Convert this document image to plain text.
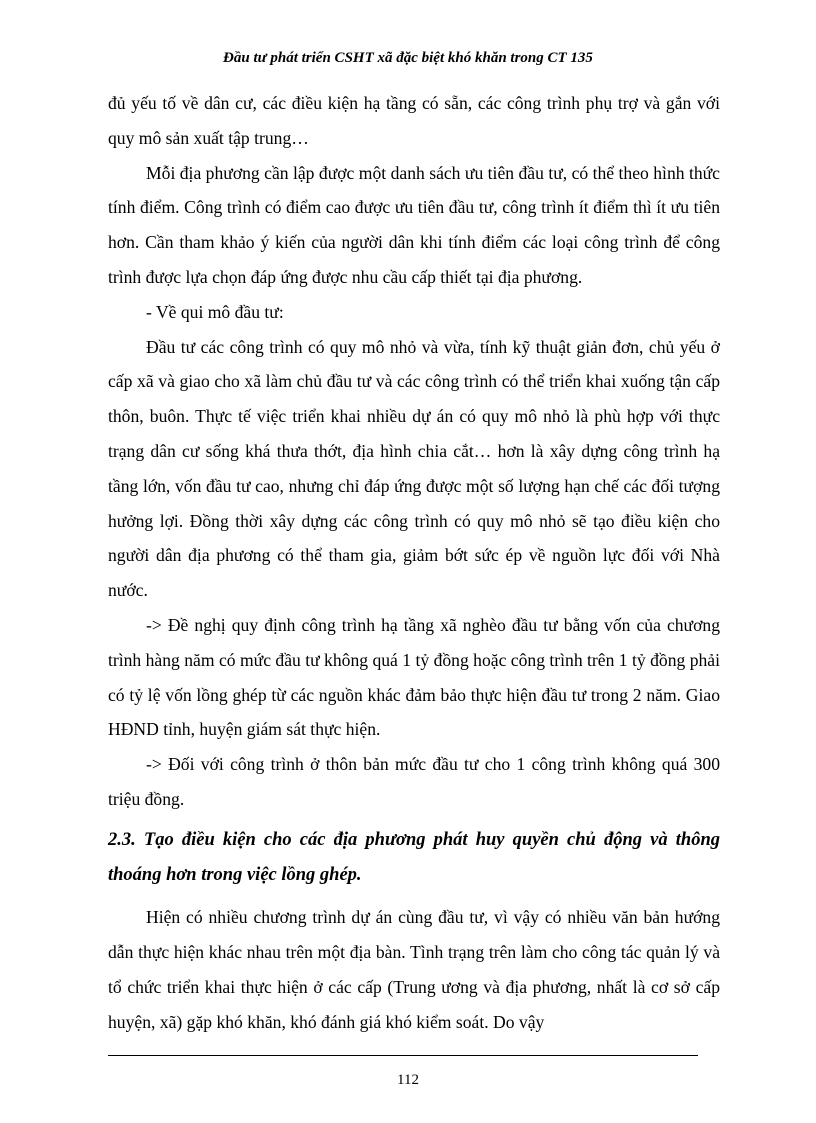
Đầu tư phát triển CSHT xã đặc biệt khó khăn trong CT 135

đủ yếu tố về dân cư, các điều kiện hạ tầng có sẵn, các công trình phụ trợ và gắn với quy mô sản xuất tập trung…

Mỗi địa phương cần lập được một danh sách ưu tiên đầu tư, có thể theo hình thức tính điểm. Công trình có điểm cao được ưu tiên đầu tư, công trình ít điểm thì ít ưu tiên hơn. Cần tham khảo ý kiến của người dân khi tính điểm các loại công trình để công trình được lựa chọn đáp ứng được nhu cầu cấp thiết tại địa phương.

- Về qui mô đầu tư:

Đầu tư các công trình có quy mô nhỏ và vừa, tính kỹ thuật giản đơn, chủ yếu ở cấp xã và giao cho xã làm chủ đầu tư và các công trình có thể triển khai xuống tận cấp thôn, buôn. Thực tế việc triển khai nhiều dự án có quy mô nhỏ là phù hợp với thực trạng dân cư sống khá thưa thớt, địa hình chia cắt… hơn là xây dựng công trình hạ tầng lớn, vốn đầu tư cao, nhưng chỉ đáp ứng được một số lượng hạn chế các đối tượng hưởng lợi. Đồng thời xây dựng các công trình có quy mô nhỏ sẽ tạo điều kiện cho người dân địa phương có thể tham gia, giảm bớt sức ép về nguồn lực đối với Nhà nước.

-> Đề nghị quy định công trình hạ tầng xã nghèo đầu tư bằng vốn của chương trình hàng năm có mức đầu tư không quá 1 tỷ đồng hoặc công trình trên 1 tỷ đồng phải có tỷ lệ vốn lồng ghép từ các nguồn khác đảm bảo thực hiện đầu tư trong 2 năm. Giao HĐND tỉnh, huyện giám sát thực hiện.

-> Đối với công trình ở thôn bản mức đầu tư cho 1 công trình không quá 300 triệu đồng.

2.3. Tạo điều kiện cho các địa phương phát huy quyền chủ động và thông thoáng hơn trong việc lồng ghép.

Hiện có nhiều chương trình dự án cùng đầu tư, vì vậy có nhiều văn bản hướng dẫn thực hiện khác nhau trên một địa bàn. Tình trạng trên làm cho công tác quản lý và tổ chức triển khai thực hiện ở các cấp (Trung ương và địa phương, nhất là cơ sở cấp huyện, xã) gặp khó khăn, khó đánh giá khó kiểm soát. Do vậy

112
